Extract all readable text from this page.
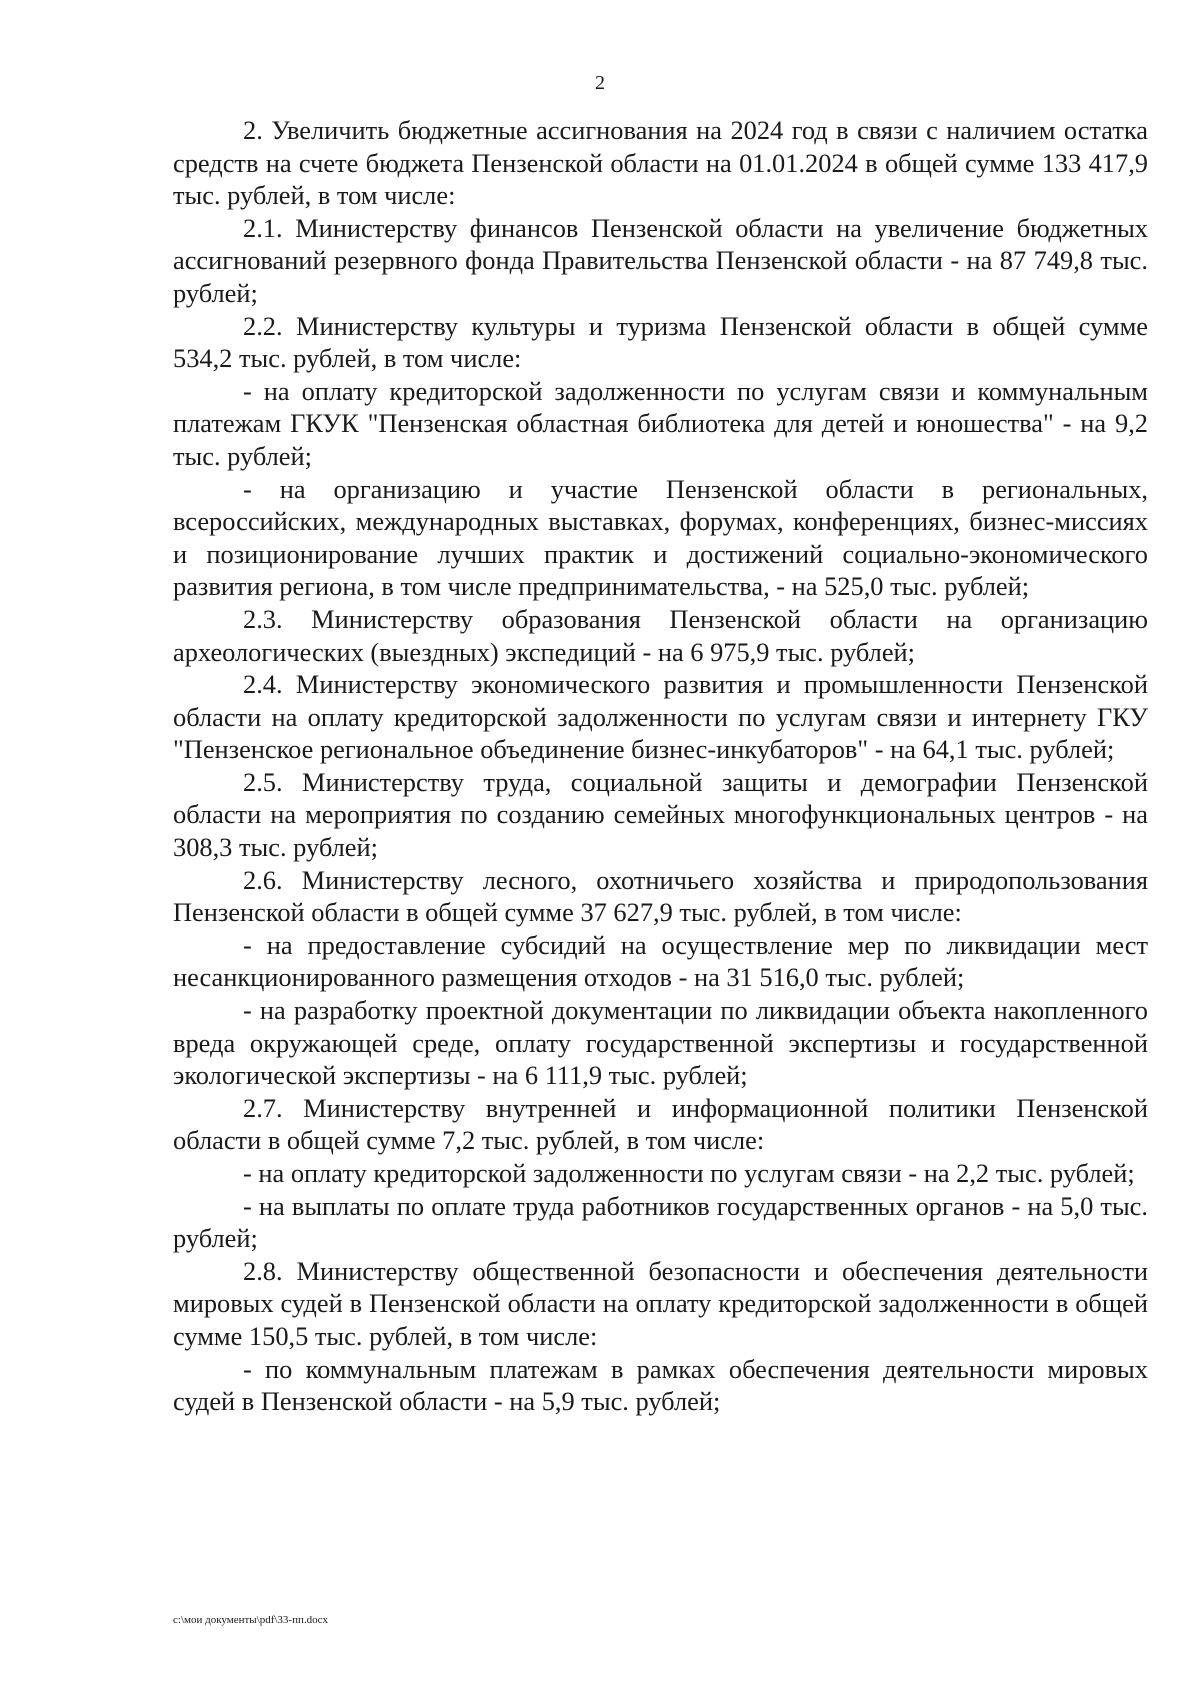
2

2. Увеличить бюджетные ассигнования на 2024 год в связи с наличием остатка средств на счете бюджета Пензенской области на 01.01.2024 в общей сумме 133 417,9 тыс. рублей, в том числе:

2.1. Министерству финансов Пензенской области на увеличение бюджетных ассигнований резервного фонда Правительства Пензенской области - на 87 749,8 тыс. рублей;

2.2. Министерству культуры и туризма Пензенской области в общей сумме 534,2 тыс. рублей, в том числе:

- на оплату кредиторской задолженности по услугам связи и коммунальным платежам ГКУК "Пензенская областная библиотека для детей и юношества" - на 9,2 тыс. рублей;

- на организацию и участие Пензенской области в региональных, всероссийских, международных выставках, форумах, конференциях, бизнес-миссиях и позиционирование лучших практик и достижений социально-экономического развития региона, в том числе предпринимательства, - на 525,0 тыс. рублей;

2.3. Министерству образования Пензенской области на организацию археологических (выездных) экспедиций - на 6 975,9 тыс. рублей;

2.4. Министерству экономического развития и промышленности Пензенской области на оплату кредиторской задолженности по услугам связи и интернету ГКУ "Пензенское региональное объединение бизнес-инкубаторов" - на 64,1 тыс. рублей;

2.5. Министерству труда, социальной защиты и демографии Пензенской области на мероприятия по созданию семейных многофункциональных центров - на 308,3 тыс. рублей;

2.6. Министерству лесного, охотничьего хозяйства и природопользования Пензенской области в общей сумме 37 627,9 тыс. рублей, в том числе:

- на предоставление субсидий на осуществление мер по ликвидации мест несанкционированного размещения отходов - на 31 516,0 тыс. рублей;

- на разработку проектной документации по ликвидации объекта накопленного вреда окружающей среде, оплату государственной экспертизы и государственной экологической экспертизы - на 6 111,9 тыс. рублей;

2.7. Министерству внутренней и информационной политики Пензенской области в общей сумме 7,2 тыс. рублей, в том числе:

- на оплату кредиторской задолженности по услугам связи - на 2,2 тыс. рублей;

- на выплаты по оплате труда работников государственных органов - на 5,0 тыс. рублей;

2.8. Министерству общественной безопасности и обеспечения деятельности мировых судей в Пензенской области на оплату кредиторской задолженности в общей сумме 150,5 тыс. рублей, в том числе:

- по коммунальным платежам в рамках обеспечения деятельности мировых судей в Пензенской области - на 5,9 тыс. рублей;

c:\мои документы\pdf\33-пп.docx
